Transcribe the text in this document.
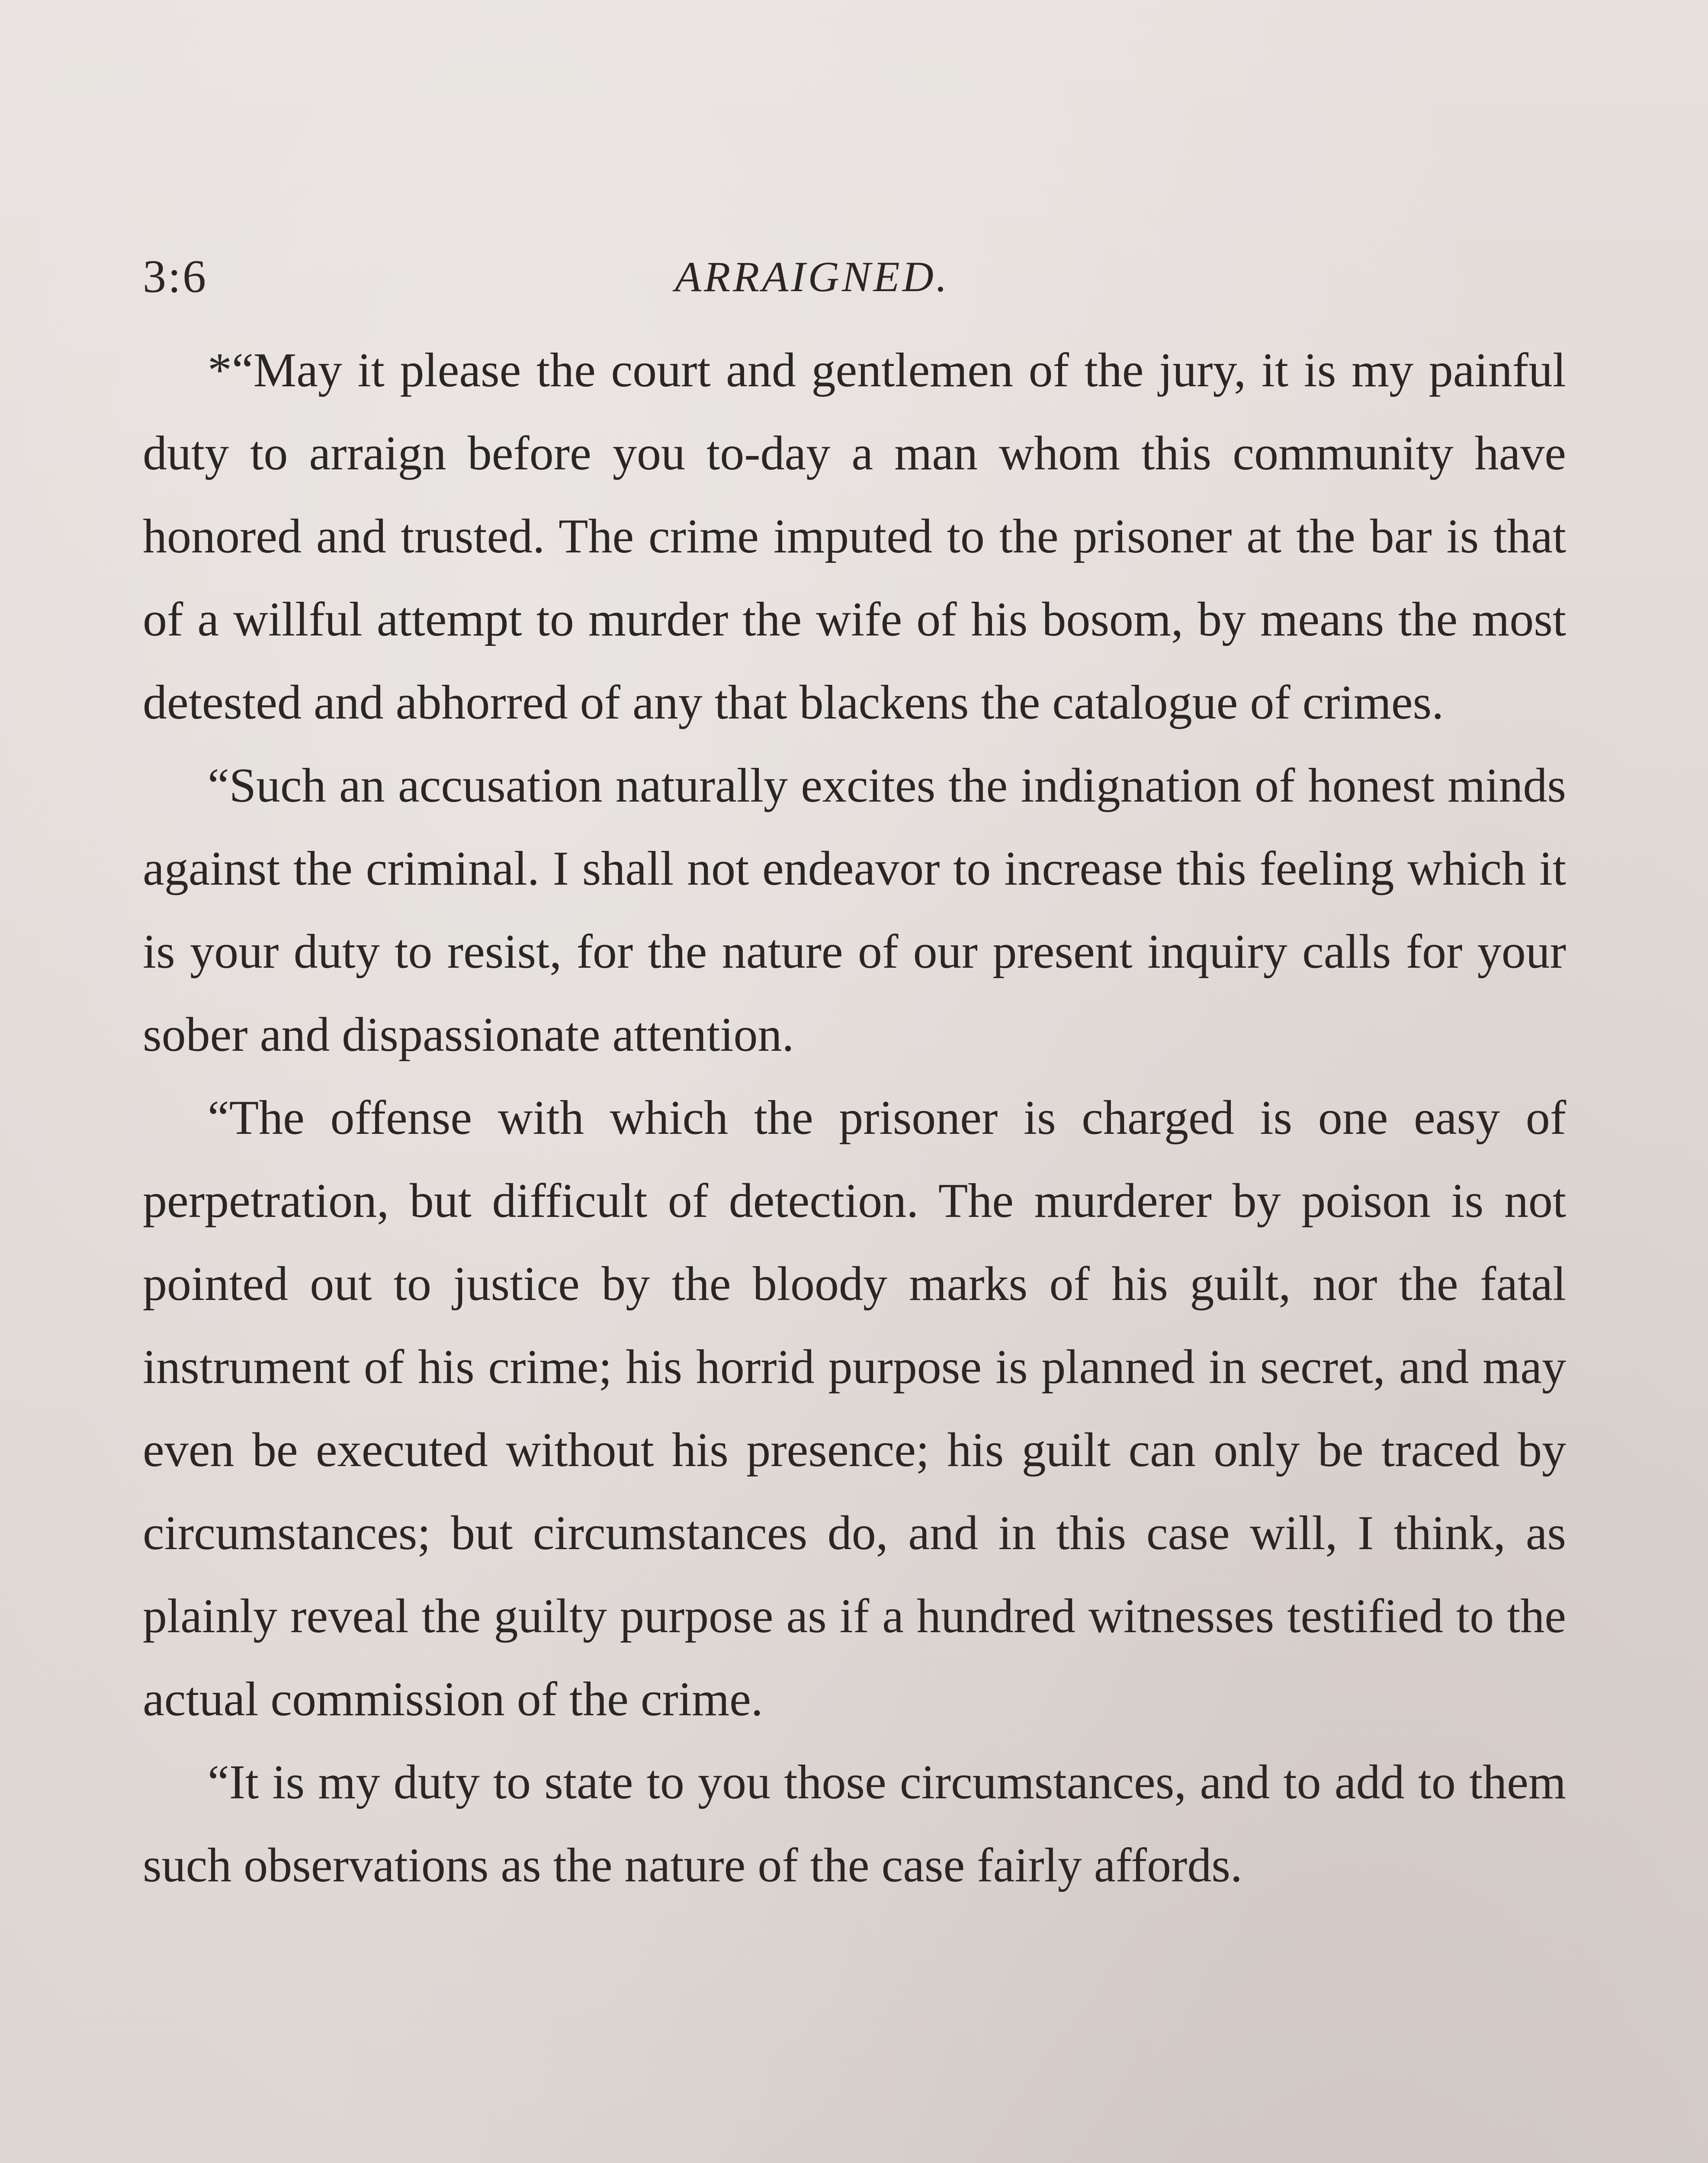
3:6	ARRAIGNED.

*“May it please the court and gentlemen of the jury, it is my painful duty to arraign before you to-day a man whom this community have honored and trusted. The crime imputed to the prisoner at the bar is that of a willful attempt to murder the wife of his bosom, by means the most detested and abhorred of any that blackens the catalogue of crimes.

“Such an accusation naturally excites the indignation of honest minds against the criminal. I shall not endeavor to increase this feeling which it is your duty to resist, for the nature of our present inquiry calls for your sober and dispassionate attention.

“The offense with which the prisoner is charged is one easy of perpetration, but difficult of detection. The murderer by poison is not pointed out to justice by the bloody marks of his guilt, nor the fatal instrument of his crime; his horrid purpose is planned in secret, and may even be executed without his presence; his guilt can only be traced by circumstances; but circumstances do, and in this case will, I think, as plainly reveal the guilty purpose as if a hundred witnesses testified to the actual commission of the crime.

“It is my duty to state to you those circumstances, and to add to them such observations as the nature of the case fairly affords.
